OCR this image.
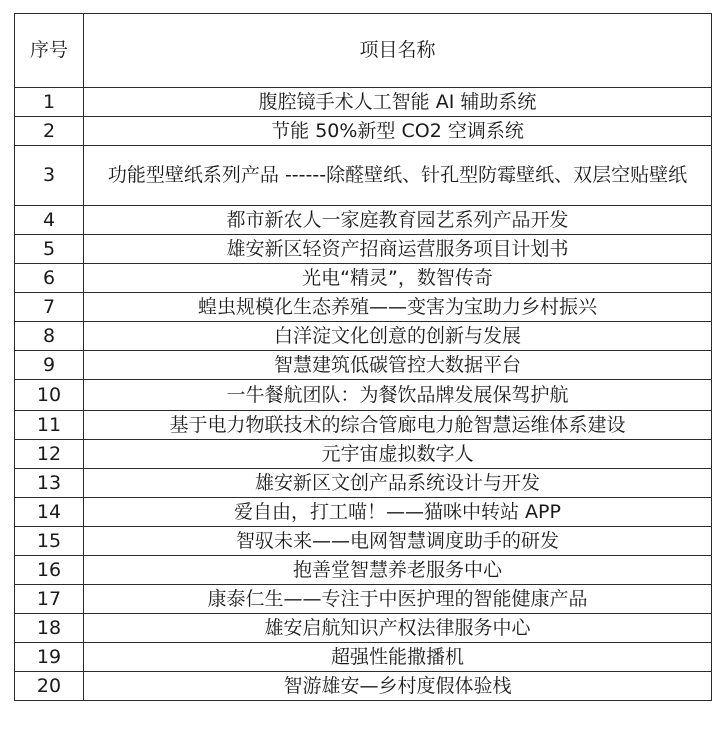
序号	项目名称
1	腹腔镜手术人工智能 AI 辅助系统
2	节能 50%新型 CO2 空调系统
3	功能型壁纸系列产品 ------除醛壁纸、针孔型防霉壁纸、双层空贴壁纸
4	都市新农人一家庭教育园艺系列产品开发
5	雄安新区轻资产招商运营服务项目计划书
6	光电“精灵”，数智传奇
7	蝗虫规模化生态养殖——变害为宝助力乡村振兴
8	白洋淀文化创意的创新与发展
9	智慧建筑低碳管控大数据平台
10	一牛餐航团队：为餐饮品牌发展保驾护航
11	基于电力物联技术的综合管廊电力舱智慧运维体系建设
12	元宇宙虚拟数字人
13	雄安新区文创产品系统设计与开发
14	爱自由，打工喵！——猫咪中转站 APP
15	智驭未来——电网智慧调度助手的研发
16	抱善堂智慧养老服务中心
17	康泰仁生——专注于中医护理的智能健康产品
18	雄安启航知识产权法律服务中心
19	超强性能撒播机
20	智游雄安—乡村度假体验栈
